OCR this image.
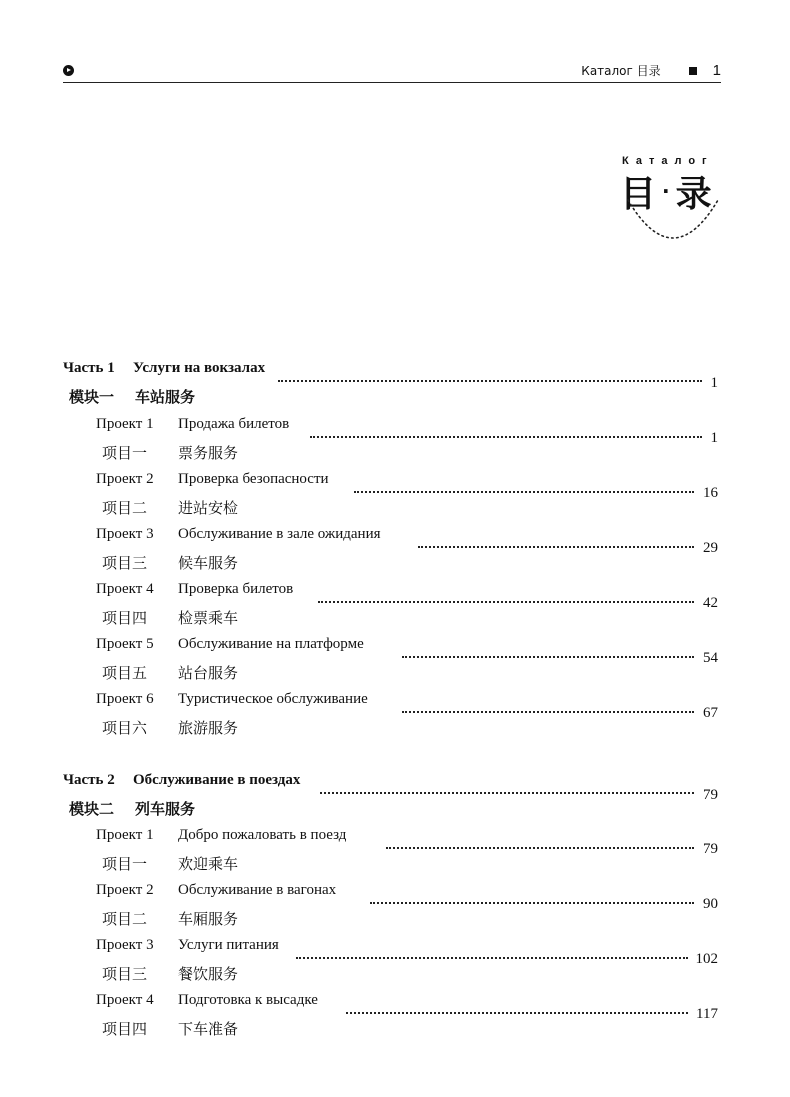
Каталог 目录	1
Каталог
目 · 录
Часть 1 Услуги на вокзалах
模块一 车站服务
1
Проект 1 Продажа билетов
项目一 票务服务
1
Проект 2 Проверка безопасности
项目二 进站安检
16
Проект 3 Обслуживание в зале ожидания
项目三 候车服务
29
Проект 4 Проверка билетов
项目四 检票乘车
42
Проект 5 Обслуживание на платформе
项目五 站台服务
54
Проект 6 Туристическое обслуживание
项目六 旅游服务
67
Часть 2 Обслуживание в поездах
模块二 列车服务
79
Проект 1 Добро пожаловать в поезд
项目一 欢迎乘车
79
Проект 2 Обслуживание в вагонах
项目二 车厢服务
90
Проект 3 Услуги питания
项目三 餐饮服务
102
Проект 4 Подготовка к высадке
项目四 下车准备
117
